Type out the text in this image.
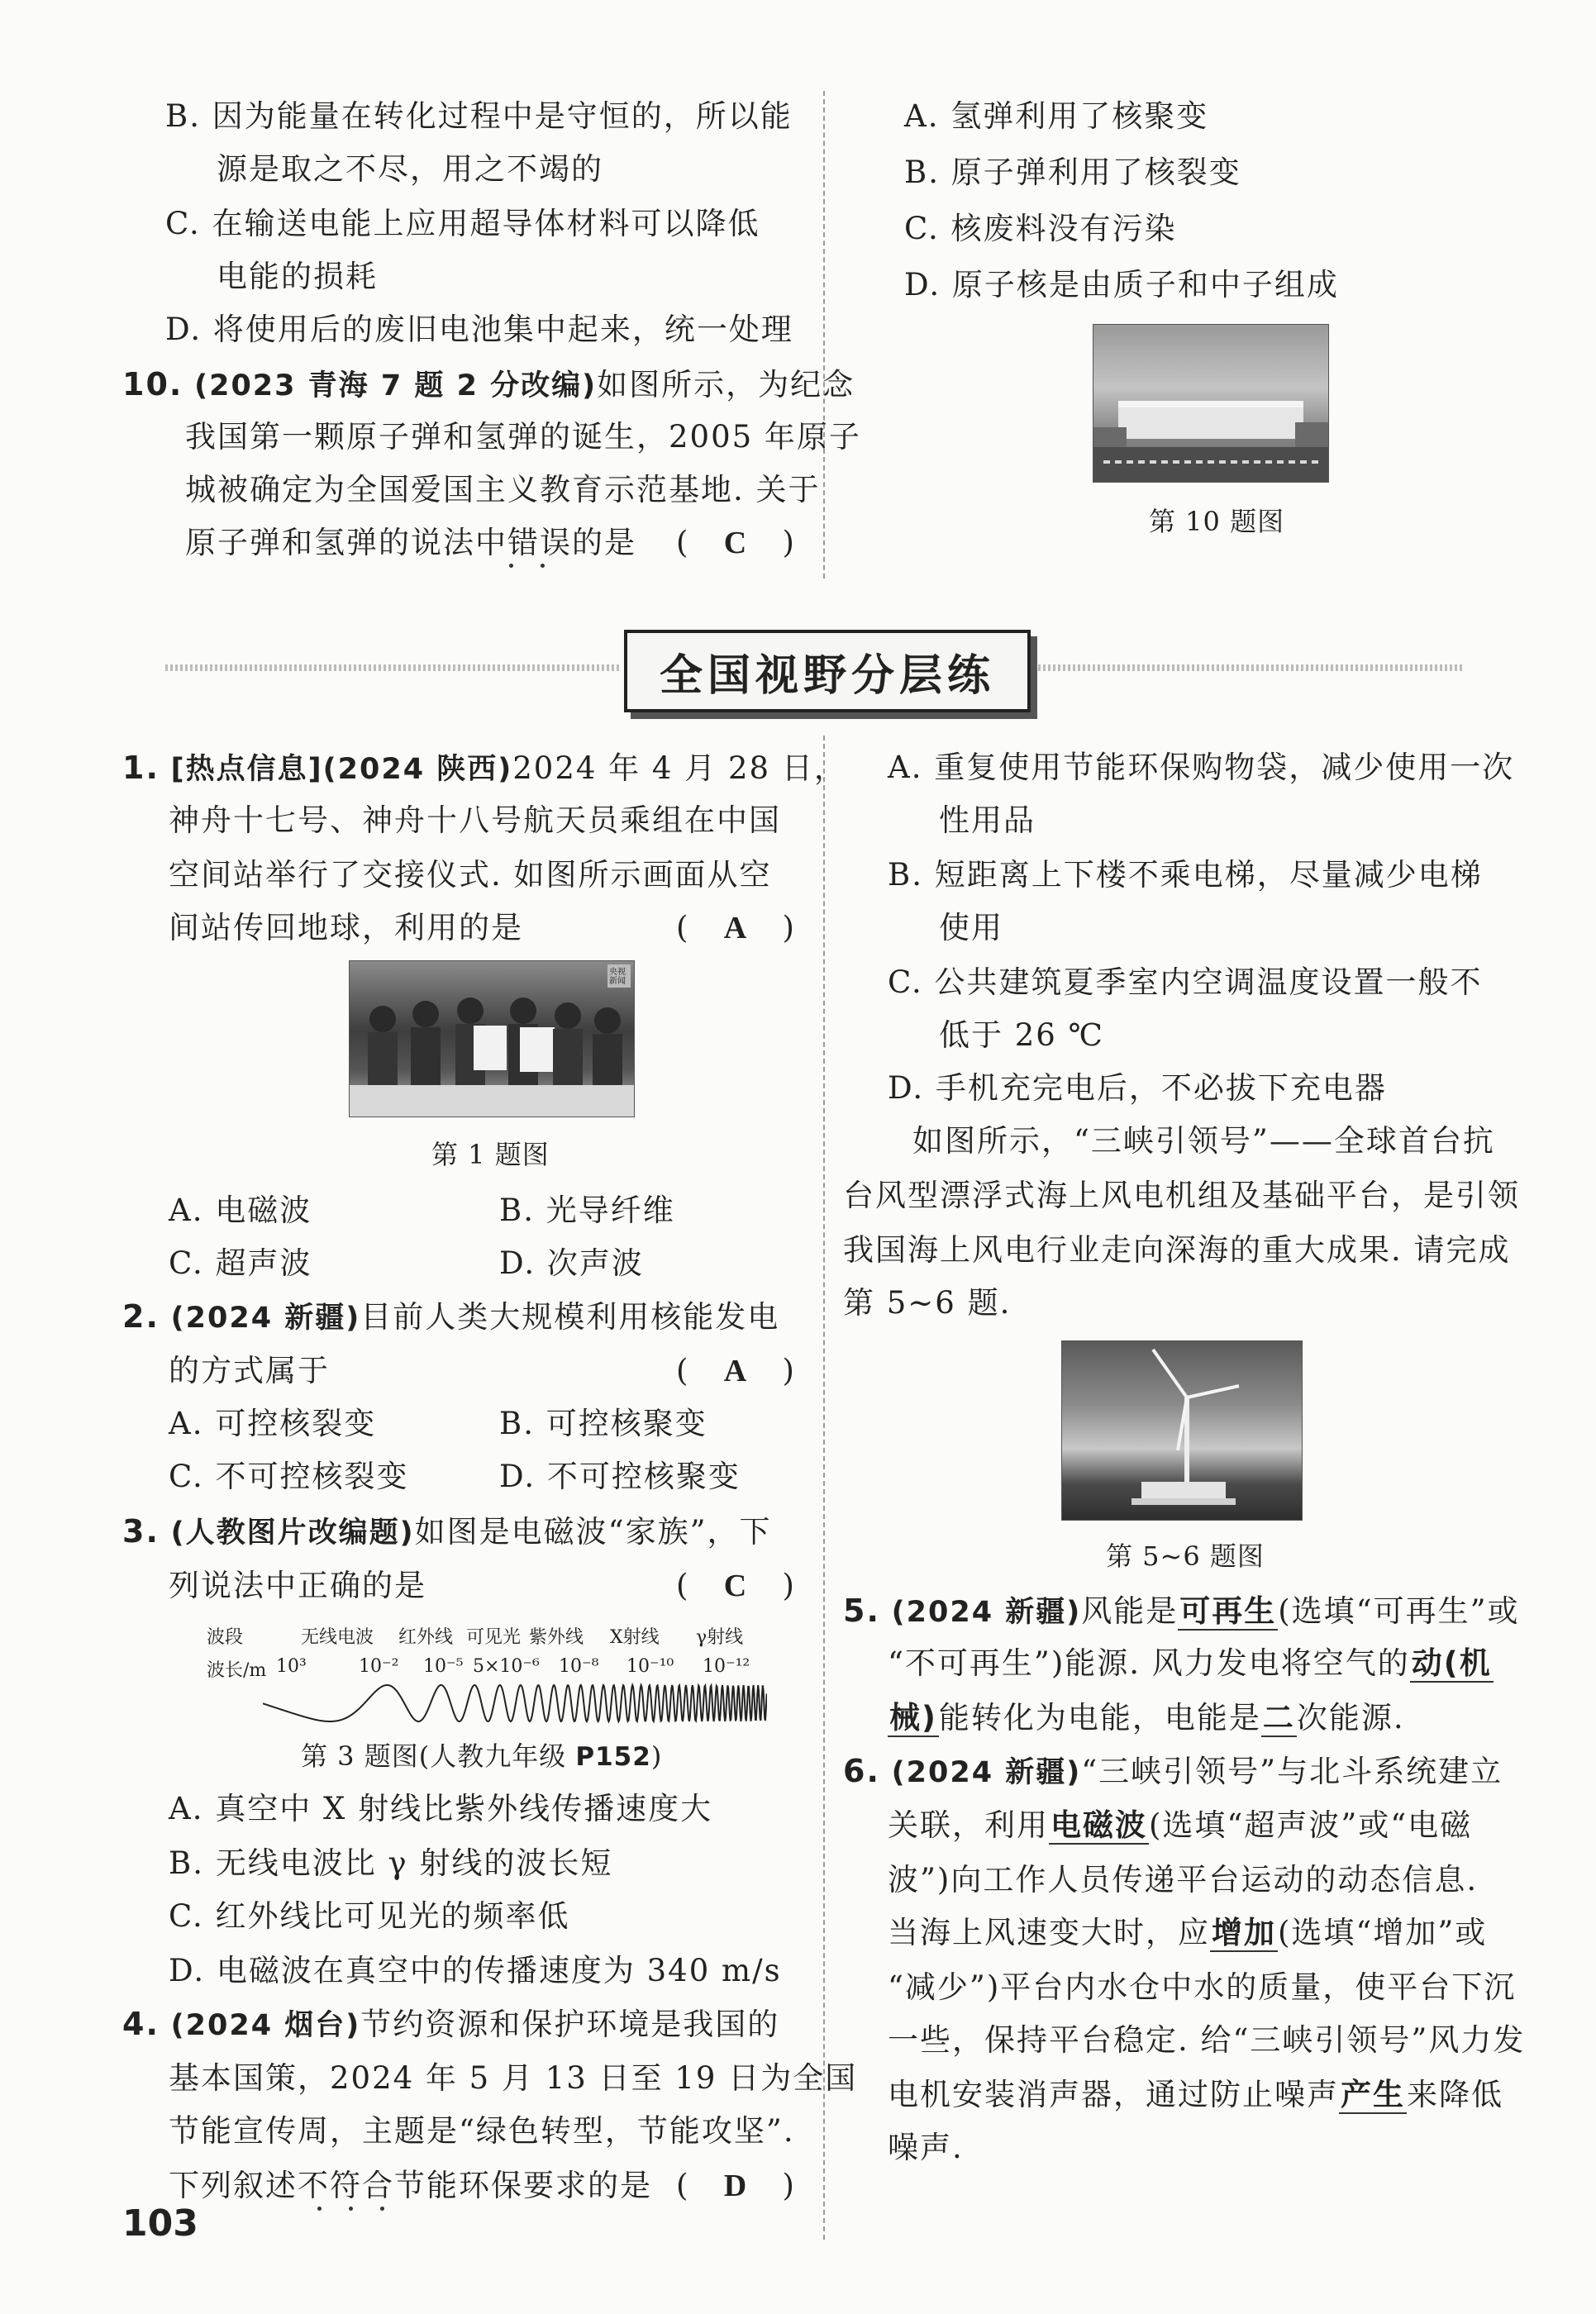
B. 因为能量在转化过程中是守恒的，所以能
源是取之不尽，用之不竭的
C. 在输送电能上应用超导体材料可以降低
电能的损耗
D. 将使用后的废旧电池集中起来，统一处理
10. (2023 青海 7 题 2 分改编)如图所示，为纪念
我国第一颗原子弹和氢弹的诞生，2005 年原子
城被确定为全国爱国主义教育示范基地. 关于
原子弹和氢弹的说法中错误的是 (   C   )
A. 氢弹利用了核聚变
B. 原子弹利用了核裂变
C. 核废料没有污染
D. 原子核是由质子和中子组成
第 10 题图
全国视野分层练
1. [热点信息](2024 陕西)2024 年 4 月 28 日，
神舟十七号、神舟十八号航天员乘组在中国
空间站举行了交接仪式. 如图所示画面从空
间站传回地球，利用的是	(   A   )
央视新闻
第 1 题图
A. 电磁波	B. 光导纤维
C. 超声波	D. 次声波
2. (2024 新疆)目前人类大规模利用核能发电
的方式属于	(   A   )
A. 可控核裂变	B. 可控核聚变
C. 不可控核裂变	D. 不可控核聚变
3. (人教图片改编题)如图是电磁波“家族”，下
列说法中正确的是	(   C   )
波段
波长/m
无线电波 红外线 可见光 紫外线 X射线 γ射线
10³	10⁻² 10⁻⁵ 5×10⁻⁶ 10⁻⁸ 10⁻¹⁰ 10⁻¹²
第 3 题图(人教九年级 P152)
A. 真空中 X 射线比紫外线传播速度大
B. 无线电波比 γ 射线的波长短
C. 红外线比可见光的频率低
D. 电磁波在真空中的传播速度为 340 m/s
4. (2024 烟台)节约资源和保护环境是我国的
基本国策，2024 年 5 月 13 日至 19 日为全国
节能宣传周，主题是“绿色转型，节能攻坚”.
下列叙述不符合节能环保要求的是 (   D   )
A. 重复使用节能环保购物袋，减少使用一次
性用品
B. 短距离上下楼不乘电梯，尽量减少电梯
使用
C. 公共建筑夏季室内空调温度设置一般不
低于 26 ℃
D. 手机充完电后，不必拔下充电器
如图所示，“三峡引领号”——全球首台抗
台风型漂浮式海上风电机组及基础平台，是引领
我国海上风电行业走向深海的重大成果. 请完成
第 5~6 题.
第 5~6 题图
5. (2024 新疆)风能是可再生(选填“可再生”或
“不可再生”)能源. 风力发电将空气的动(机
械)能转化为电能，电能是二次能源.
6. (2024 新疆)“三峡引领号”与北斗系统建立
关联，利用电磁波(选填“超声波”或“电磁
波”)向工作人员传递平台运动的动态信息.
当海上风速变大时，应增加(选填“增加”或
“减少”)平台内水仓中水的质量，使平台下沉
一些，保持平台稳定. 给“三峡引领号”风力发
电机安装消声器，通过防止噪声产生来降低
噪声.
103
